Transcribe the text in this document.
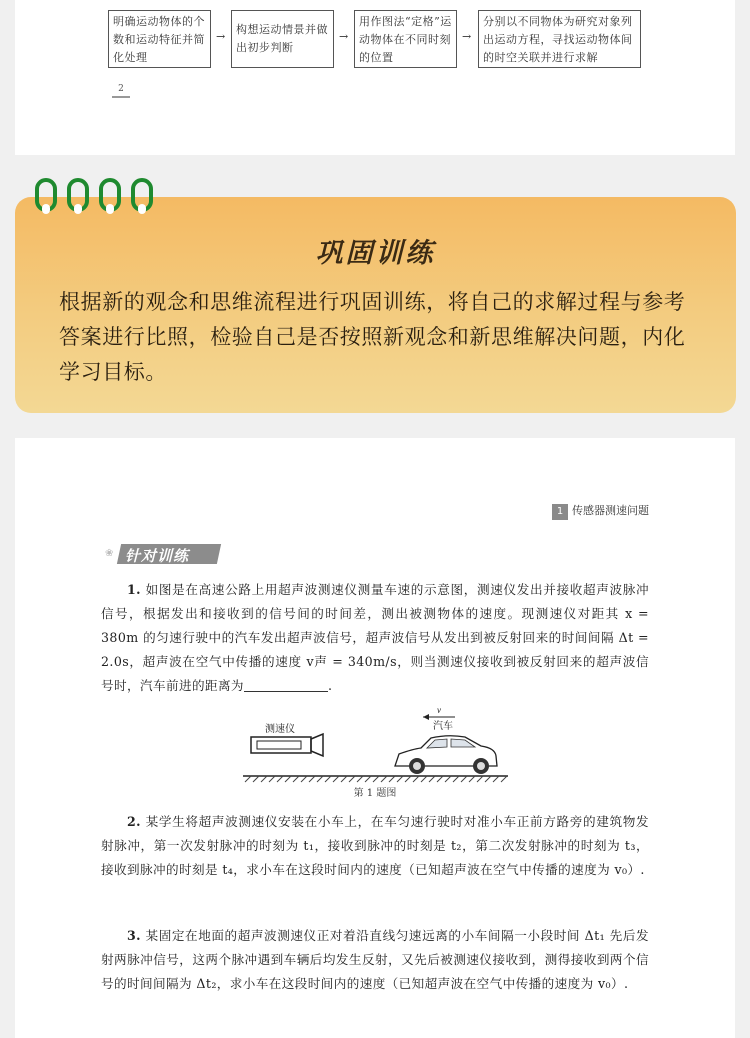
明确运动物体的个数和运动特征并简化处理
→
构想运动情景并做出初步判断
→
用作图法“定格”运动物体在不同时刻的位置
→
分别以不同物体为研究对象列出运动方程，寻找运动物体间的时空关联并进行求解
2
巩固训练
根据新的观念和思维流程进行巩固训练，将自己的求解过程与参考答案进行比照，检验自己是否按照新观念和新思维解决问题，内化学习目标。
1 传感器测速问题
❀ 针对训练
1. 如图是在高速公路上用超声波测速仪测量车速的示意图，测速仪发出并接收超声波脉冲信号，根据发出和接收到的信号间的时间差，测出被测物体的速度。现测速仪对距其 x = 380m 的匀速行驶中的汽车发出超声波信号，超声波信号从发出到被反射回来的时间间隔 Δt = 2.0s，超声波在空气中传播的速度 v声 = 340m/s，则当测速仪接收到被反射回来的超声波信号时，汽车前进的距离为	.
测速仪
v
汽车
第 1 题图
2. 某学生将超声波测速仪安装在小车上，在车匀速行驶时对准小车正前方路旁的建筑物发射脉冲，第一次发射脉冲的时刻为 t₁，接收到脉冲的时刻是 t₂，第二次发射脉冲的时刻为 t₃，接收到脉冲的时刻是 t₄，求小车在这段时间内的速度（已知超声波在空气中传播的速度为 v₀）.
3. 某固定在地面的超声波测速仪正对着沿直线匀速远离的小车间隔一小段时间 Δt₁ 先后发射两脉冲信号，这两个脉冲遇到车辆后均发生反射，又先后被测速仪接收到，测得接收到两个信号的时间间隔为 Δt₂，求小车在这段时间内的速度（已知超声波在空气中传播的速度为 v₀）.
